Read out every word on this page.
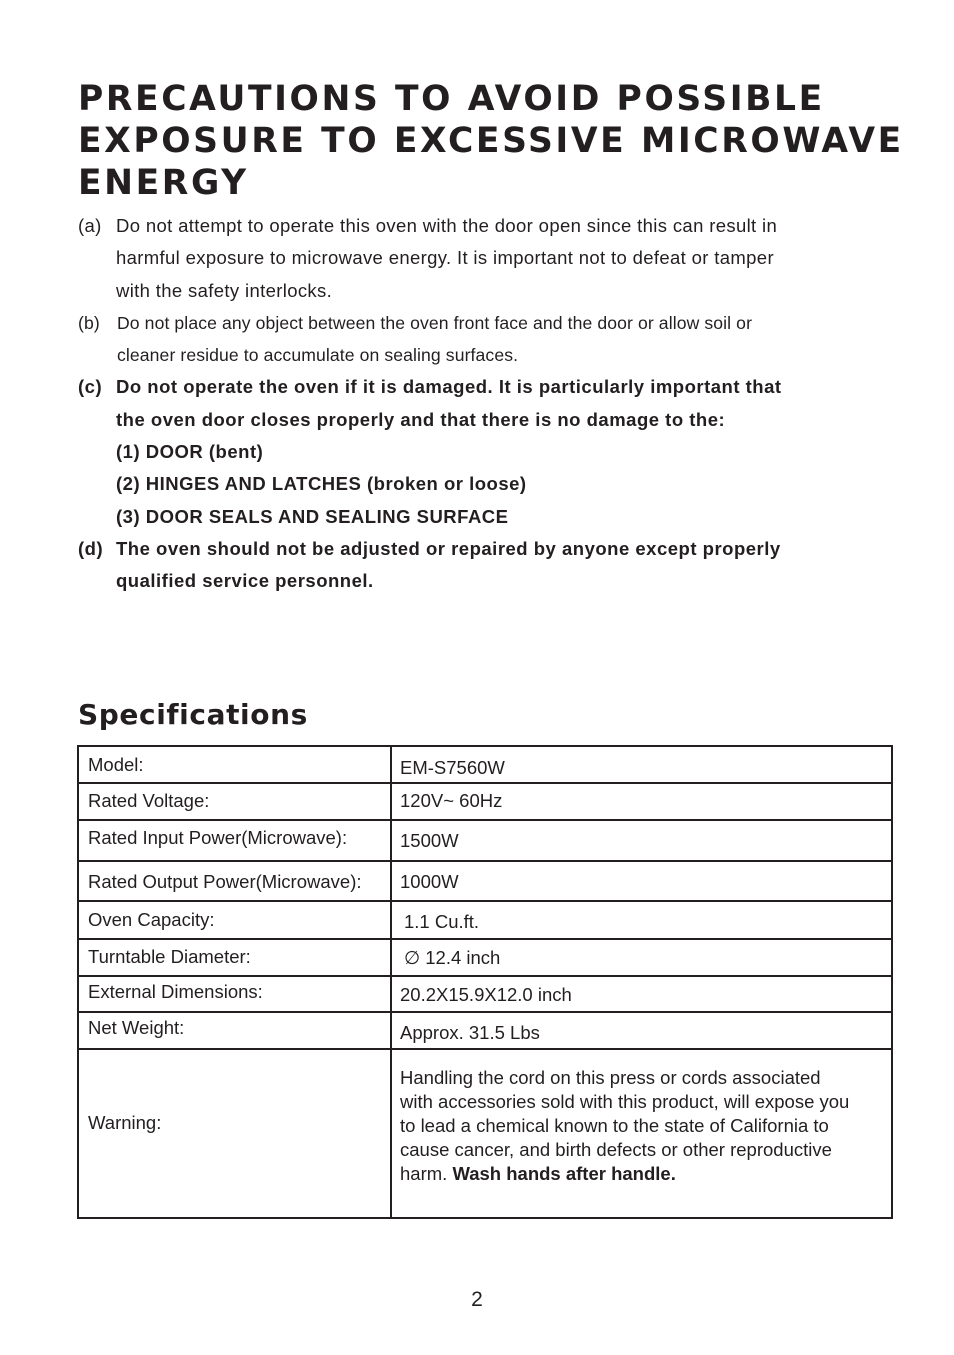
PRECAUTIONS TO AVOID POSSIBLE
EXPOSURE TO EXCESSIVE MICROWAVE
ENERGY
(a) Do not attempt to operate this oven with the door open since this can result in
harmful exposure to microwave energy. It is important not to defeat or tamper
with the safety interlocks.
(b) Do not place any object between the oven front face and the door or allow soil or
cleaner residue to accumulate on sealing surfaces.
(c) Do not operate the oven if it is damaged. It is particularly important that
the oven door closes properly and that there is no damage to the:
(1) DOOR (bent)
(2) HINGES AND LATCHES (broken or loose)
(3) DOOR SEALS AND SEALING SURFACE
(d) The oven should not be adjusted or repaired by anyone except properly
qualified service personnel.
Specifications
Model:	EM-S7560W
Rated Voltage:	120V~ 60Hz
Rated Input Power(Microwave):	1500W
Rated Output Power(Microwave):	1000W
Oven Capacity:	1.1 Cu.ft.
Turntable Diameter:	∅ 12.4 inch
External Dimensions:	20.2X15.9X12.0 inch
Net Weight:	Approx. 31.5 Lbs
Warning:	Handling the cord on this press or cords associated
with accessories sold with this product, will expose you
to lead a chemical known to the state of California to
cause cancer, and birth defects or other reproductive
harm. Wash hands after handle.
2
